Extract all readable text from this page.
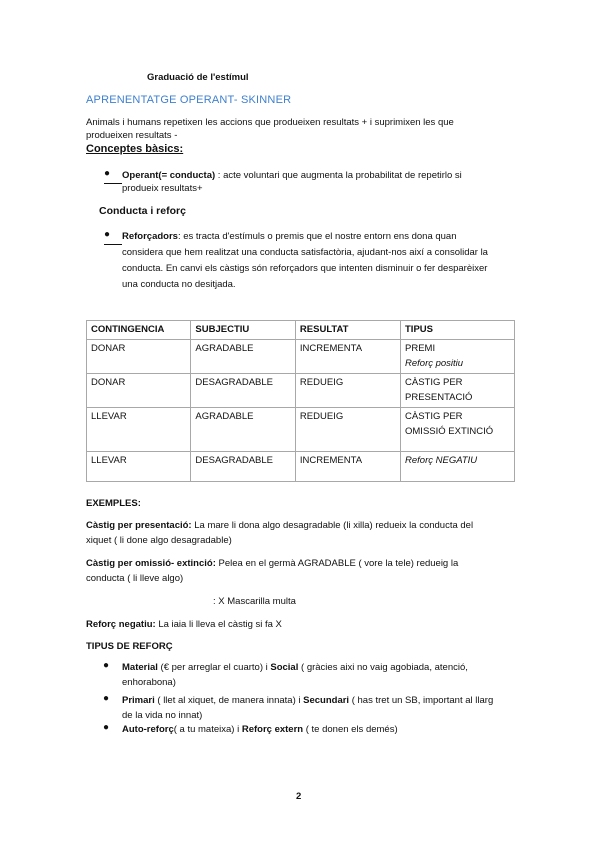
Graduació de l'estímul
APRENENTATGE OPERANT- SKINNER
Animals i humans repetixen les accions que produeixen resultats + i suprimixen les que
produeixen resultats -
Conceptes bàsics:
●	Operant(= conducta) : acte voluntari que augmenta la probabilitat de repetirlo si
produeix resultats+
Conducta i reforç
●	Reforçadors: es tracta d'estímuls o premis que el nostre entorn ens dona quan
considera que hem realitzat una conducta satisfactòria, ajudant-nos així a consolidar la
conducta. En canvi els càstigs són reforçadors que intenten disminuir o fer desparèixer
una conducta no desitjada.
CONTINGENCIA	SUBJECTIU	RESULTAT	TIPUS
DONAR	AGRADABLE	INCREMENTA	PREMI
Reforç positiu

DONAR	DESAGRADABLE	REDUEIG	CÀSTIG PER
PRESENTACIÓ

LLEVAR	AGRADABLE	REDUEIG	CÀSTIG PER
OMISSIÓ EXTINCIÓ

LLEVAR	DESAGRADABLE	INCREMENTA	Reforç NEGATIU
EXEMPLES:
Càstig per presentació: La mare li dona algo desagradable (li xilla) redueix la conducta del
xiquet ( li done algo desagradable)
Càstig per omissió- extinció: Pelea en el germà AGRADABLE ( vore la tele) redueig la
conducta ( li lleve algo)
: X Mascarilla multa
Reforç negatiu: La iaia li lleva el càstig si fa X
TIPUS DE REFORÇ
● Material (€ per arreglar el cuarto) i Social ( gràcies aixi no vaig agobiada, atenció,
enhorabona)
● Primari ( llet al xiquet, de manera innata) i Secundari ( has tret un SB, important al llarg
de la vida no innat)
● Auto-reforç( a tu mateixa) i Reforç extern ( te donen els demés)
2
